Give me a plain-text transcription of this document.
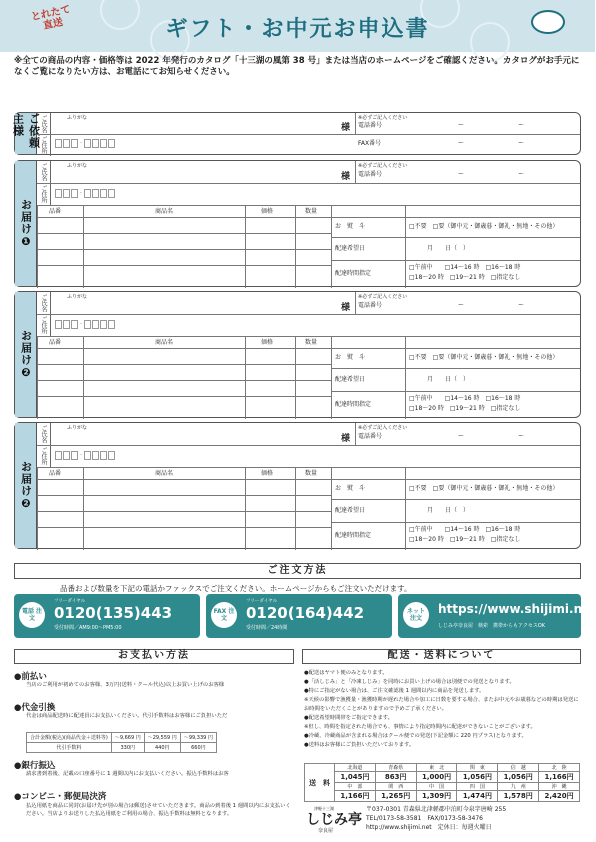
とれたて 直送	ギフト・お中元お申込書
※全ての商品の内容・価格等は 2022 年発行のカタログ「十三湖の風第 38 号」または当店のホームページをご確認ください。カタログがお手元になくご覧になりたい方は、お電話にてお知らせください。
ご依頼主様	ご氏名
ご住所
ふりがな
様
※必ずご記入ください
電話番号	ー	ー
FAX番号	ー	ー
-
お届け❶
ご氏名
ご住所
ふりがな
様
※必ずご記入ください
電話番号	ー	ー
-
品番	商品名	価格	数量
お　熨　斗	□不要　□要（御中元・御歳暮・御礼・無地・その他）
配達希望日	月　　日（　）
配達時間指定
□午前中　　□14～16 時　□16～18 時
□18～20 時　□19～21 時　□指定なし
お届け❷
ご氏名
ご住所
ふりがな
様
※必ずご記入ください
電話番号	ー	ー
-
品番	商品名	価格	数量
お　熨　斗	□不要　□要（御中元・御歳暮・御礼・無地・その他）
配達希望日	月　　日（　）
配達時間指定
□午前中　　□14～16 時　□16～18 時
□18～20 時　□19～21 時　□指定なし
お届け❷
ご氏名
ご住所
ふりがな
様
※必ずご記入ください
電話番号	ー	ー
-
品番	商品名	価格	数量
お　熨　斗	□不要　□要（御中元・御歳暮・御礼・無地・その他）
配達希望日	月　　日（　）
配達時間指定
□午前中　　□14～16 時　□16～18 時
□18～20 時　□19～21 時　□指定なし
ご注文方法
品番および数量を下記の電話かファックスでご注文ください。ホームページからもご注文いただけます。
電話 注文
フリーダイヤル
0120(135)443
受付時間／AM9:00～PM5:00
FAX 注文
フリーダイヤル
0120(164)442
受付時間／24時間
ネット 注文
https://www.shijimi.net
しじみ亭奈良屋　検索　携帯からもアクセスOK
お支払い方法
●前払い
当店のご利用が初めてのお客様、3万円(送料・クール代込)以上お買い上げのお客様
●代金引換
代金は商品配送時に配達員にお支払いください。代引手数料はお客様にご負担いただ
合計金額(税込)(商品代金＋送料等)	～9,669 円	～29,559 円	～99,339 円
代引手数料	330円	440円	660円
●銀行振込
請求書到着後、記載の口座番号に 1 週間以内にお支払いください。振込手数料はお客
●コンビニ・郵便局決済
払込用紙を商品に同封(お届け先が別の場合は郵送)させていただきます。商品の到着後 1 週間以内にお支払いください。当店よりお送りした払込用紙をご利用の場合、振込手数料は無料となります。
配送・送料について
●配送はヤマト便のみとなります。
●「活しじみ」と「冷凍しじみ」を同時にお買い上げの場合は別便での発送となります。
●特にご指定がない場合は、ご注文確認後 1 週間以内に商品を発送します。
※天候の影響で漁獲量・漁獲時期が遅れた場合や加工に日数を要する場合、またお中元やお歳暮などの時期は発送にお時間をいただくことがありますので予めご了承ください。
●配送希望時間帯をご指定できます。
※但し、時間を指定された場合でも、事情により指定時間内に配達ができないことがございます。
●冷蔵、冷蔵商品が含まれる場合はクール便での発送(下記金額に 220 円プラス)となります。
●送料はお客様にご負担いただいております。
送　料	北海道	青森県	東　北	関　東	信　越	北　陸
	1,045円	863円	1,000円	1,056円	1,056円	1,166円
	中　部	関　西	中　国	四　国	九　州	沖　縄
	1,166円	1,265円	1,309円	1,474円	1,578円	2,420円
津軽十三湖
しじみ亭
奈良屋
〒037-0301 青森県北津軽郡中泊町今泉字唐崎 255
TEL/0173-58-3581　FAX/0173-58-3476
http://www.shijimi.net　定休日：毎週火曜日
